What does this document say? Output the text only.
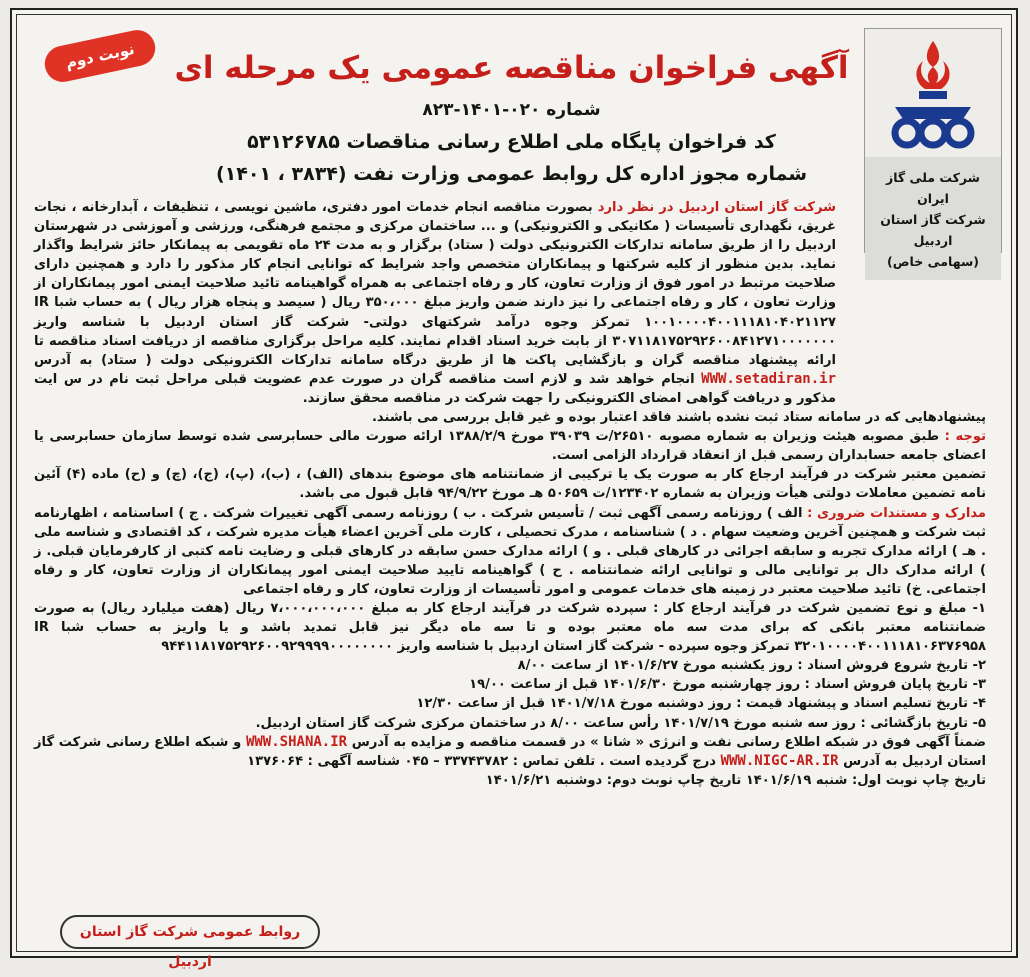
نوبت دوم
شرکت ملی گاز ایران
شرکت گاز استان اردبیل
(سهامی خاص)
آگهی فراخوان مناقصه عمومی یک مرحله ای
شماره ۰۲۰-۱۴۰۱-۸۲۳
کد فراخوان پایگاه ملی اطلاع رسانی مناقصات ۵۳۱۲۶۷۸۵
شماره مجوز اداره کل روابط عمومی وزارت نفت (۳۸۳۴ ، ۱۴۰۱)

شرکت گاز استان اردبیل در نظر دارد بصورت مناقصه انجام خدمات امور دفتری، ماشین نویسی ، تنظیفات ، آبدارخانه ، نجات غریق، نگهداری تأسیسات ( مکانیکی و الکترونیکی) و ... ساختمان مرکزی و مجتمع فرهنگی، ورزشی و آموزشی در شهرستان اردبیل را از طریق سامانه تدارکات الکترونیکی دولت ( ستاد) برگزار و به مدت ۲۴ ماه تقویمی به پیمانکار حائز شرایط واگذار نماید. بدین منظور از کلیه شرکتها و پیمانکاران متخصص واجد شرایط که توانایی انجام کار مذکور را دارد و همچنین دارای صلاحیت مرتبط در امور فوق از وزارت تعاون، کار و رفاه اجتماعی به همراه گواهینامه تائید صلاحیت ایمنی امور پیمانکاران از وزارت تعاون ، کار و رفاه اجتماعی را نیز دارند ضمن واریز مبلغ ۳۵۰،۰۰۰ ریال ( سیصد و پنجاه هزار ریال ) به حساب شبا IR ۱۰۰۱۰۰۰۰۴۰۰۱۱۱۸۱۰۴۰۲۱۱۲۷ تمرکز وجوه درآمد شرکتهای دولتی- شرکت گاز استان اردبیل با شناسه واریز ۳۰۷۱۱۸۱۷۵۲۹۲۶۰۰۸۴۱۲۷۱۰۰۰۰۰۰۰ از بابت خرید اسناد اقدام نمایند. کلیه مراحل برگزاری مناقصه از دریافت اسناد مناقصه تا ارائه پیشنهاد مناقصه گران و بازگشایی پاکت ها از طریق درگاه سامانه تدارکات الکترونیکی دولت ( ستاد) به آدرس WWW.setadiran.ir انجام خواهد شد و لازم است مناقصه گران در صورت عدم عضویت قبلی مراحل ثبت نام در س ایت مذکور و دریافت گواهی امضای الکترونیکی را جهت شرکت در مناقصه محقق سازند.

پیشنهادهایی که در سامانه ستاد ثبت نشده باشند فاقد اعتبار بوده و غیر قابل بررسی می باشند.

توجه : طبق مصوبه هیئت وزیران به شماره مصوبه ۲۶۵۱۰/ت ۳۹۰۳۹ مورخ ۱۳۸۸/۲/۹ ارائه صورت مالی حسابرسی شده توسط سازمان حسابرسی یا اعضای جامعه حسابداران رسمی قبل از انعقاد قرارداد الزامی است.

تضمین معتبر شرکت در فرآیند ارجاع کار به صورت یک یا ترکیبی از ضمانتنامه های موضوع بندهای (الف) ، (ب)، (پ)، (ج)، (چ) و (ح) ماده (۴) آئین نامه تضمین معاملات دولتی هیأت وزیران به شماره ۱۲۳۴۰۲/ت ۵۰۶۵۹ هـ مورخ ۹۴/۹/۲۲ قابل قبول می باشد.

مدارک و مستندات ضروری : الف ) روزنامه رسمی آگهی ثبت / تأسیس شرکت . ب ) روزنامه رسمی آگهی تغییرات شرکت . ج ) اساسنامه ، اظهارنامه ثبت شرکت و همچنین آخرین وضعیت سهام . د ) شناسنامه ، مدرک تحصیلی ، کارت ملی آخرین اعضاء هیأت مدیره شرکت ، کد اقتصادی و شناسه ملی . هـ ) ارائه مدارک تجربه و سابقه اجرائی در کارهای قبلی . و ) ارائه مدارک حسن سابقه در کارهای قبلی و رضایت نامه کتبی از کارفرمایان قبلی. ز ) ارائه مدارک دال بر توانایی مالی و توانایی ارائه ضمانتنامه . ح ) گواهینامه تایید صلاحیت ایمنی امور پیمانکاران از وزارت تعاون، کار و رفاه اجتماعی. خ) تائید صلاحیت معتبر در زمینه های خدمات عمومی و امور تأسیسات از وزارت تعاون، کار و رفاه اجتماعی

۱- مبلغ و نوع تضمین شرکت در فرآیند ارجاع کار : سپرده شرکت در فرآیند ارجاع کار به مبلغ ۷،۰۰۰،۰۰۰،۰۰۰ ریال (هفت میلیارد ریال) به صورت ضمانتنامه معتبر بانکی که برای مدت سه ماه معتبر بوده و تا سه ماه دیگر نیز قابل تمدید باشد و یا واریز به حساب شبا IR ۳۲۰۱۰۰۰۰۴۰۰۱۱۱۸۱۰۶۳۷۶۹۵۸ تمرکز وجوه سپرده - شرکت گاز استان اردبیل با شناسه واریز ۹۴۴۱۱۸۱۷۵۲۹۲۶۰۰۹۲۹۹۹۹۰۰۰۰۰۰۰۰

۲- تاریخ شروع فروش اسناد : روز یکشنبه مورخ ۱۴۰۱/۶/۲۷ از ساعت ۸/۰۰

۳- تاریخ پایان فروش اسناد : روز چهارشنبه مورخ ۱۴۰۱/۶/۳۰ قبل از ساعت ۱۹/۰۰

۴- تاریخ تسلیم اسناد و پیشنهاد قیمت : روز دوشنبه مورخ ۱۴۰۱/۷/۱۸ قبل از ساعت ۱۲/۳۰

۵- تاریخ بازگشائی : روز سه شنبه مورخ ۱۴۰۱/۷/۱۹ رأس ساعت ۸/۰۰ در ساختمان مرکزی شرکت گاز استان اردبیل.

ضمناً آگهی فوق در شبکه اطلاع رسانی نفت و انرژی « شانا » در قسمت مناقصه و مزایده به آدرس WWW.SHANA.IR و شبکه اطلاع رسانی شرکت گاز استان اردبیل به آدرس WWW.NIGC-AR.IR درج گردیده است . تلفن تماس : ۳۳۷۴۳۷۸۲ – ۰۴۵ شناسه آگهی : ۱۳۷۶۰۶۴

تاریخ چاپ نوبت اول: شنبه ۱۴۰۱/۶/۱۹ تاریخ چاپ نوبت دوم: دوشنبه ۱۴۰۱/۶/۲۱

روابط عمومی شرکت گاز استان اردبیل
